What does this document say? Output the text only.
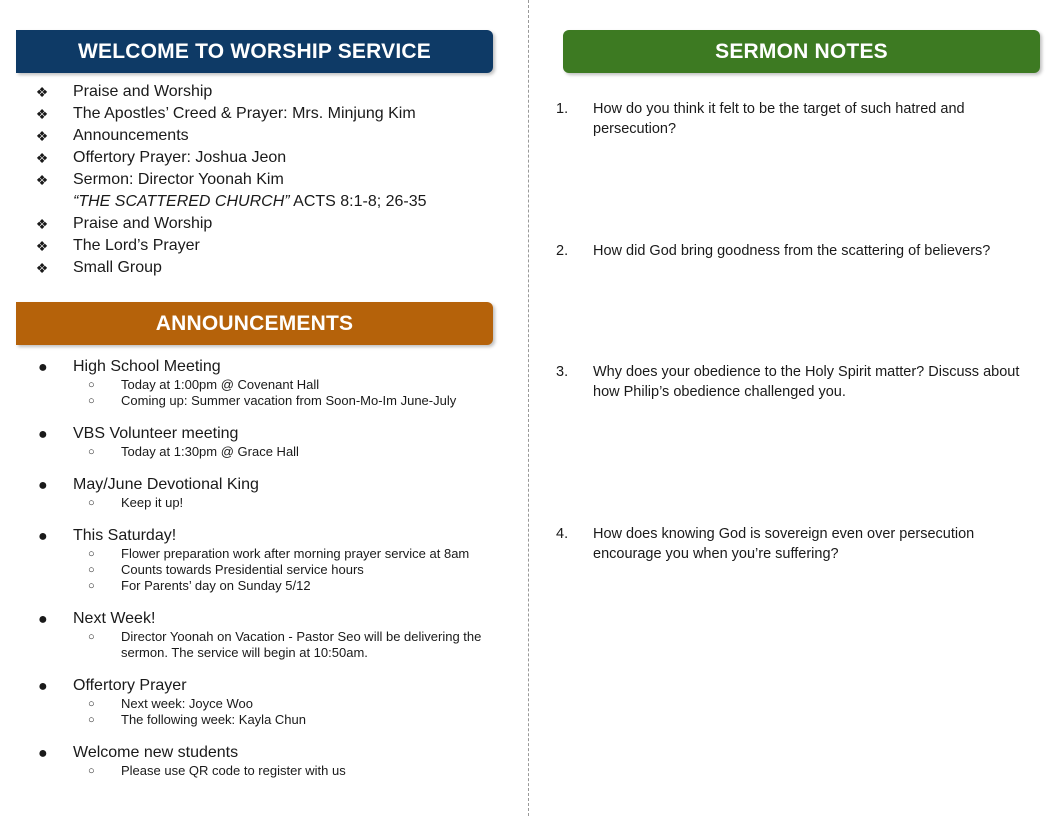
WELCOME TO WORSHIP SERVICE
❖ Praise and Worship
❖ The Apostles’ Creed & Prayer: Mrs. Minjung Kim
❖ Announcements
❖ Offertory Prayer: Joshua Jeon
❖ Sermon: Director Yoonah Kim
“THE SCATTERED CHURCH” ACTS 8:1-8; 26-35
❖ Praise and Worship
❖ The Lord’s Prayer
❖ Small Group
ANNOUNCEMENTS
● High School Meeting
○ Today at 1:00pm @ Covenant Hall
○ Coming up: Summer vacation from Soon-Mo-Im June-July
● VBS Volunteer meeting
○ Today at 1:30pm @ Grace Hall
● May/June Devotional King
○ Keep it up!
● This Saturday!
○ Flower preparation work after morning prayer service at 8am
○ Counts towards Presidential service hours
○ For Parents’ day on Sunday 5/12
● Next Week!
○ Director Yoonah on Vacation - Pastor Seo will be delivering the sermon. The service will begin at 10:50am.
● Offertory Prayer
○ Next week: Joyce Woo
○ The following week: Kayla Chun
● Welcome new students
○ Please use QR code to register with us
SERMON NOTES
1. How do you think it felt to be the target of such hatred and persecution?
2. How did God bring goodness from the scattering of believers?
3. Why does your obedience to the Holy Spirit matter? Discuss about how Philip’s obedience challenged you.
4. How does knowing God is sovereign even over persecution encourage you when you’re suffering?
